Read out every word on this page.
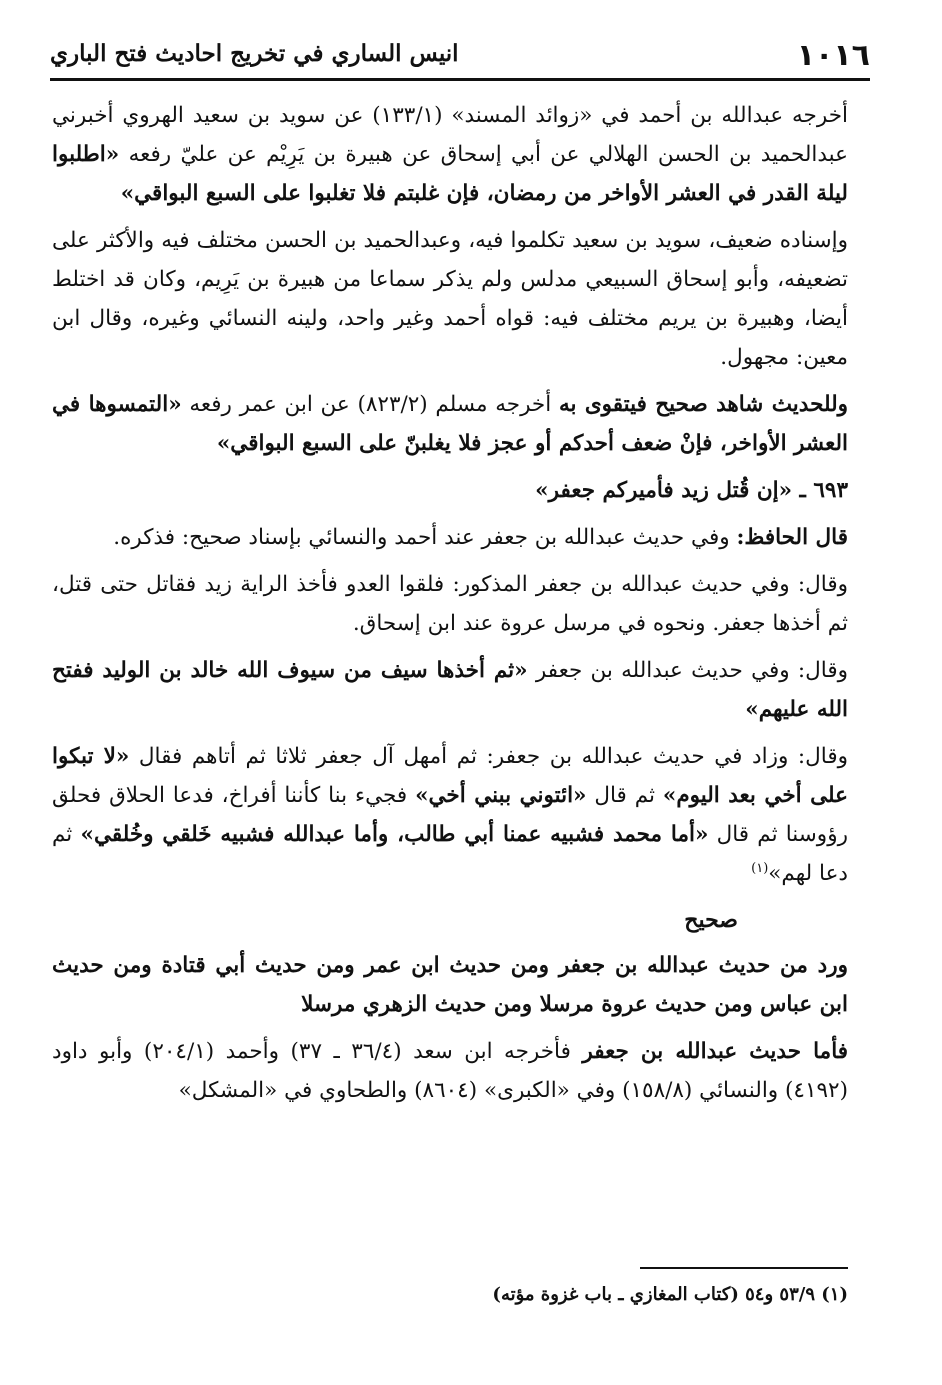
١٠١٦
انيس الساري في تخريج احاديث فتح الباري

أخرجه عبدالله بن أحمد في «زوائد المسند» (١٣٣/١) عن سويد بن سعيد الهروي أخبرني عبدالحميد بن الحسن الهلالي عن أبي إسحاق عن هبيرة بن يَرِيْم عن عليّ رفعه «اطلبوا ليلة القدر في العشر الأواخر من رمضان، فإن غلبتم فلا تغلبوا على السبع البواقي»

وإسناده ضعيف، سويد بن سعيد تكلموا فيه، وعبدالحميد بن الحسن مختلف فيه والأكثر على تضعيفه، وأبو إسحاق السبيعي مدلس ولم يذكر سماعا من هبيرة بن يَرِيم، وكان قد اختلط أيضا، وهبيرة بن يريم مختلف فيه: قواه أحمد وغير واحد، ولينه النسائي وغيره، وقال ابن معين: مجهول.

وللحديث شاهد صحيح فيتقوى به أخرجه مسلم (٨٢٣/٢) عن ابن عمر رفعه «التمسوها في العشر الأواخر، فإنْ ضعف أحدكم أو عجز فلا يغلبنّ على السبع البواقي»

٦٩٣ ـ «إن قُتل زيد فأميركم جعفر»

قال الحافظ: وفي حديث عبدالله بن جعفر عند أحمد والنسائي بإسناد صحيح: فذكره.

وقال: وفي حديث عبدالله بن جعفر المذكور: فلقوا العدو فأخذ الراية زيد فقاتل حتى قتل، ثم أخذها جعفر. ونحوه في مرسل عروة عند ابن إسحاق.

وقال: وفي حديث عبدالله بن جعفر «ثم أخذها سيف من سيوف الله خالد بن الوليد ففتح الله عليهم»

وقال: وزاد في حديث عبدالله بن جعفر: ثم أمهل آل جعفر ثلاثا ثم أتاهم فقال «لا تبكوا على أخي بعد اليوم» ثم قال «ائتوني ببني أخي» فجيء بنا كأننا أفراخ، فدعا الحلاق فحلق رؤوسنا ثم قال «أما محمد فشبيه عمنا أبي طالب، وأما عبدالله فشبيه خَلقي وخُلقي» ثم دعا لهم»$^{(١)}$

صحيح

ورد من حديث عبدالله بن جعفر ومن حديث ابن عمر ومن حديث أبي قتادة ومن حديث ابن عباس ومن حديث عروة مرسلا ومن حديث الزهري مرسلا

فأما حديث عبدالله بن جعفر فأخرجه ابن سعد (٣٦/٤ ـ ٣٧) وأحمد (٢٠٤/١) وأبو داود (٤١٩٢) والنسائي (١٥٨/٨) وفي «الكبرى» (٨٦٠٤) والطحاوي في «المشكل»

(١) ٥٣/٩ و٥٤ (كتاب المغازي ـ باب غزوة مؤته)
